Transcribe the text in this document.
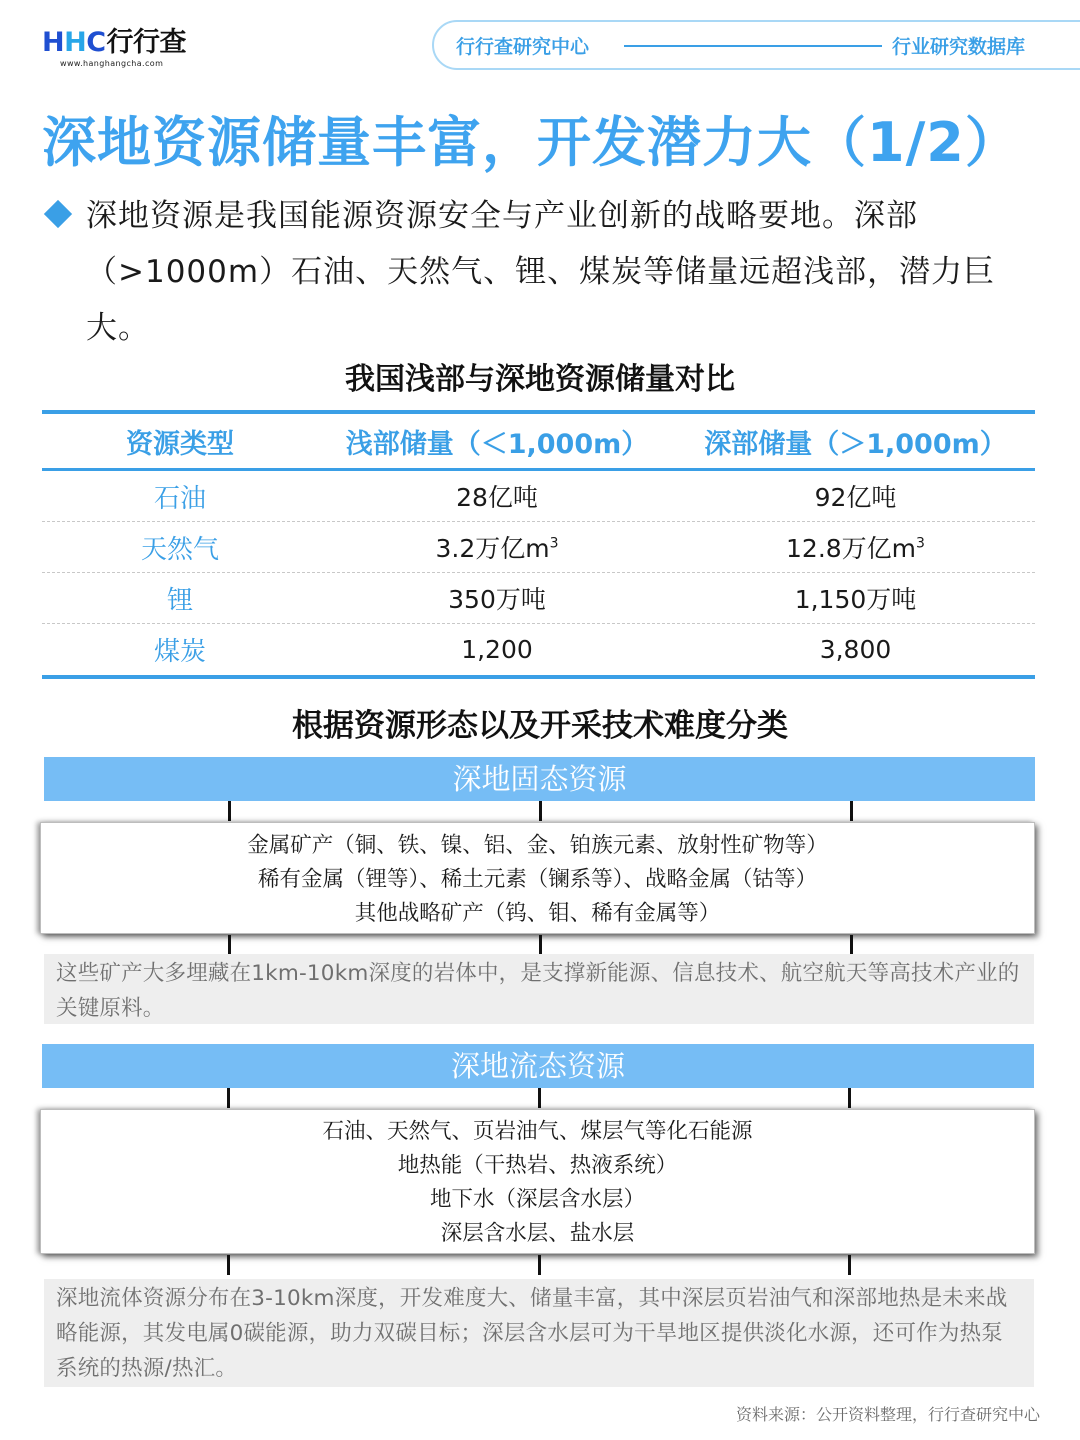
HHC行行查
www.hanghangcha.com
行行查研究中心	行业研究数据库
深地资源储量丰富，开发潜力大（1/2）
深地资源是我国能源资源安全与产业创新的战略要地。深部（>1000m）石油、天然气、锂、煤炭等储量远超浅部，潜力巨大。
我国浅部与深地资源储量对比
资源类型	浅部储量（＜1,000m）	深部储量（＞1,000m）
石油	28亿吨	92亿吨
天然气	3.2万亿$m^3$	12.8万亿$m^3$
锂	350万吨	1,150万吨
煤炭	1,200	3,800
根据资源形态以及开采技术难度分类
深地固态资源
金属矿产（铜、铁、镍、铝、金、铂族元素、放射性矿物等）
稀有金属（锂等）、稀土元素（镧系等）、战略金属（钴等）
其他战略矿产（钨、钼、稀有金属等）
这些矿产大多埋藏在1km-10km深度的岩体中，是支撑新能源、信息技术、航空航天等高技术产业的关键原料。
深地流态资源
石油、天然气、页岩油气、煤层气等化石能源
地热能（干热岩、热液系统）
地下水（深层含水层）
深层含水层、盐水层
深地流体资源分布在3-10km深度，开发难度大、储量丰富，其中深层页岩油气和深部地热是未来战略能源，其发电属0碳能源，助力双碳目标；深层含水层可为干旱地区提供淡化水源，还可作为热泵系统的热源/热汇。
资料来源：公开资料整理，行行查研究中心
